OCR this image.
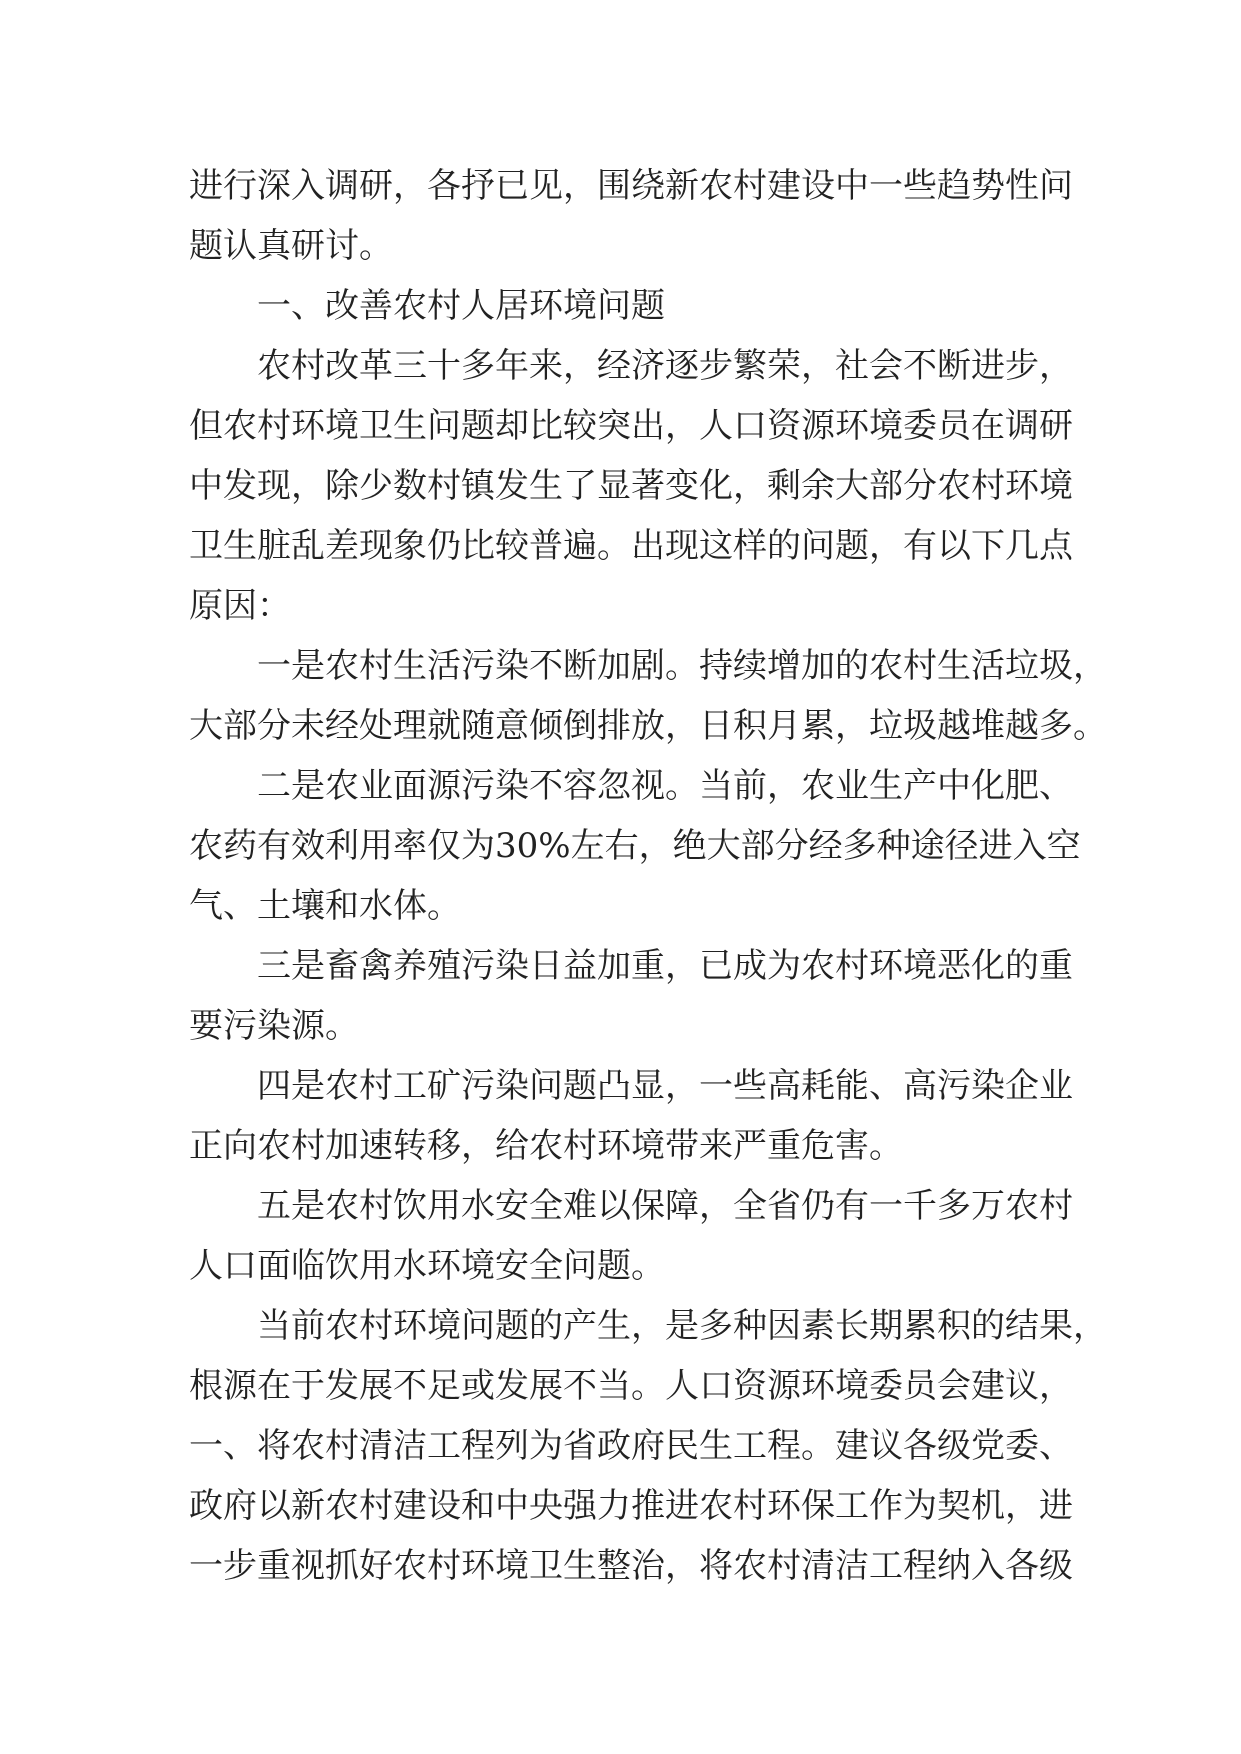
进行深入调研，各抒已见，围绕新农村建设中一些趋势性问
题认真研讨。
一、改善农村人居环境问题
农村改革三十多年来，经济逐步繁荣，社会不断进步，
但农村环境卫生问题却比较突出，人口资源环境委员在调研
中发现，除少数村镇发生了显著变化，剩余大部分农村环境
卫生脏乱差现象仍比较普遍。出现这样的问题，有以下几点
原因：
一是农村生活污染不断加剧。持续增加的农村生活垃圾，
大部分未经处理就随意倾倒排放，日积月累，垃圾越堆越多。
二是农业面源污染不容忽视。当前，农业生产中化肥、
农药有效利用率仅为30%左右，绝大部分经多种途径进入空
气、土壤和水体。
三是畜禽养殖污染日益加重，已成为农村环境恶化的重
要污染源。
四是农村工矿污染问题凸显，一些高耗能、高污染企业
正向农村加速转移，给农村环境带来严重危害。
五是农村饮用水安全难以保障，全省仍有一千多万农村
人口面临饮用水环境安全问题。
当前农村环境问题的产生，是多种因素长期累积的结果，
根源在于发展不足或发展不当。人口资源环境委员会建议，
一、将农村清洁工程列为省政府民生工程。建议各级党委、
政府以新农村建设和中央强力推进农村环保工作为契机，进
一步重视抓好农村环境卫生整治，将农村清洁工程纳入各级
